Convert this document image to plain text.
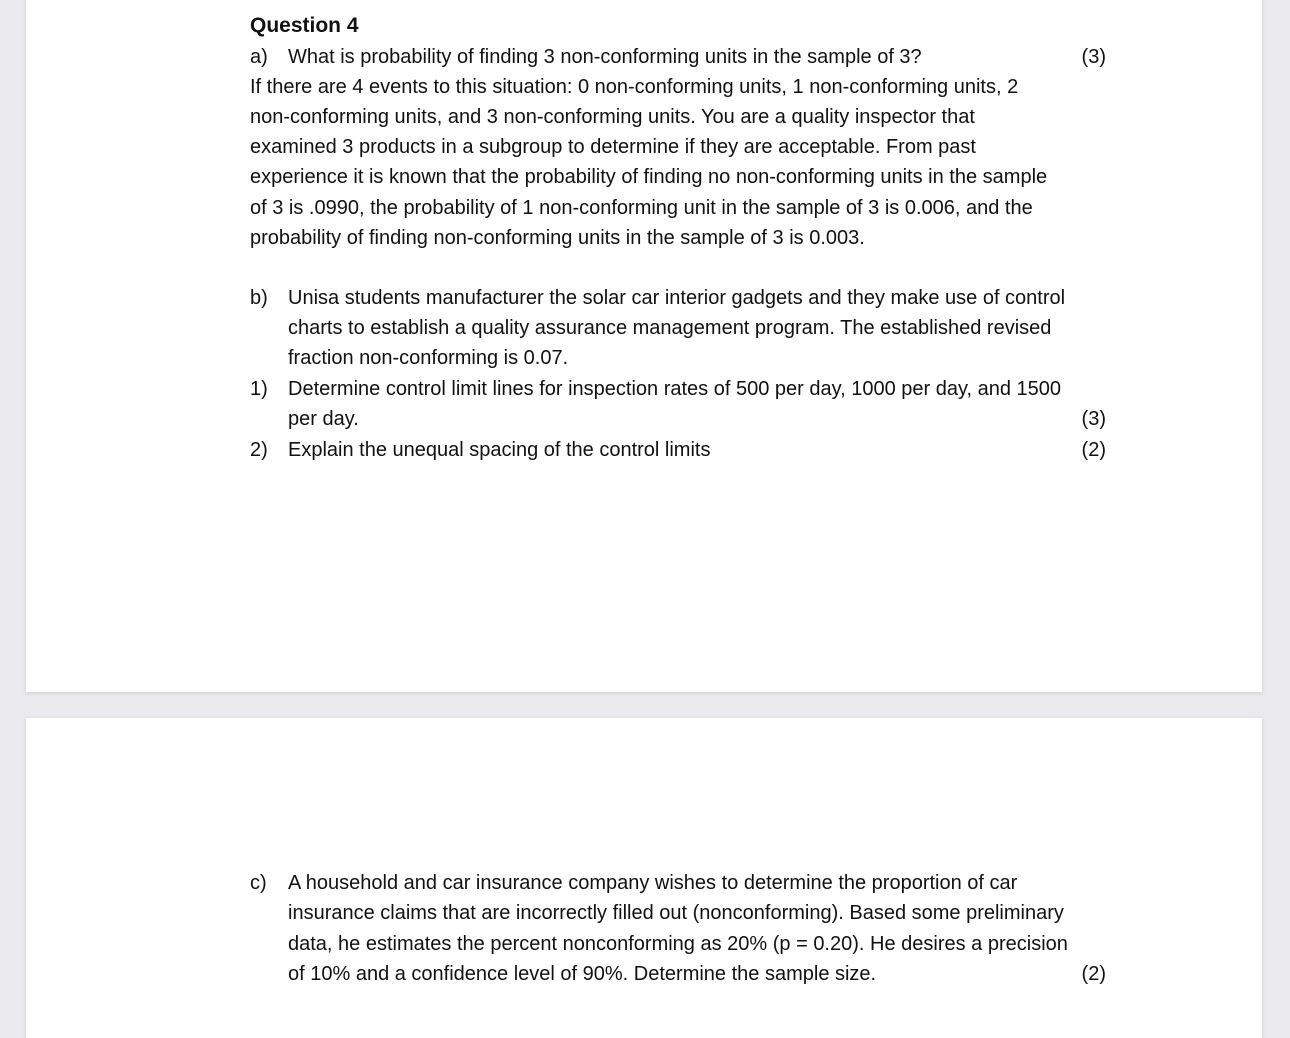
Question 4
a) What is probability of finding 3 non-conforming units in the sample of 3?	(3)
If there are 4 events to this situation: 0 non-conforming units, 1 non-conforming units, 2
non-conforming units, and 3 non-conforming units. You are a quality inspector that
examined 3 products in a subgroup to determine if they are acceptable. From past
experience it is known that the probability of finding no non-conforming units in the sample
of 3 is .0990, the probability of 1 non-conforming unit in the sample of 3 is 0.006, and the
probability of finding non-conforming units in the sample of 3 is 0.003.
b) Unisa students manufacturer the solar car interior gadgets and they make use of control
charts to establish a quality assurance management program. The established revised
fraction non-conforming is 0.07.
1) Determine control limit lines for inspection rates of 500 per day, 1000 per day, and 1500
per day.	(3)
2) Explain the unequal spacing of the control limits	(2)
c) A household and car insurance company wishes to determine the proportion of car
insurance claims that are incorrectly filled out (nonconforming). Based some preliminary
data, he estimates the percent nonconforming as 20% (p = 0.20). He desires a precision
of 10% and a confidence level of 90%. Determine the sample size.	(2)
